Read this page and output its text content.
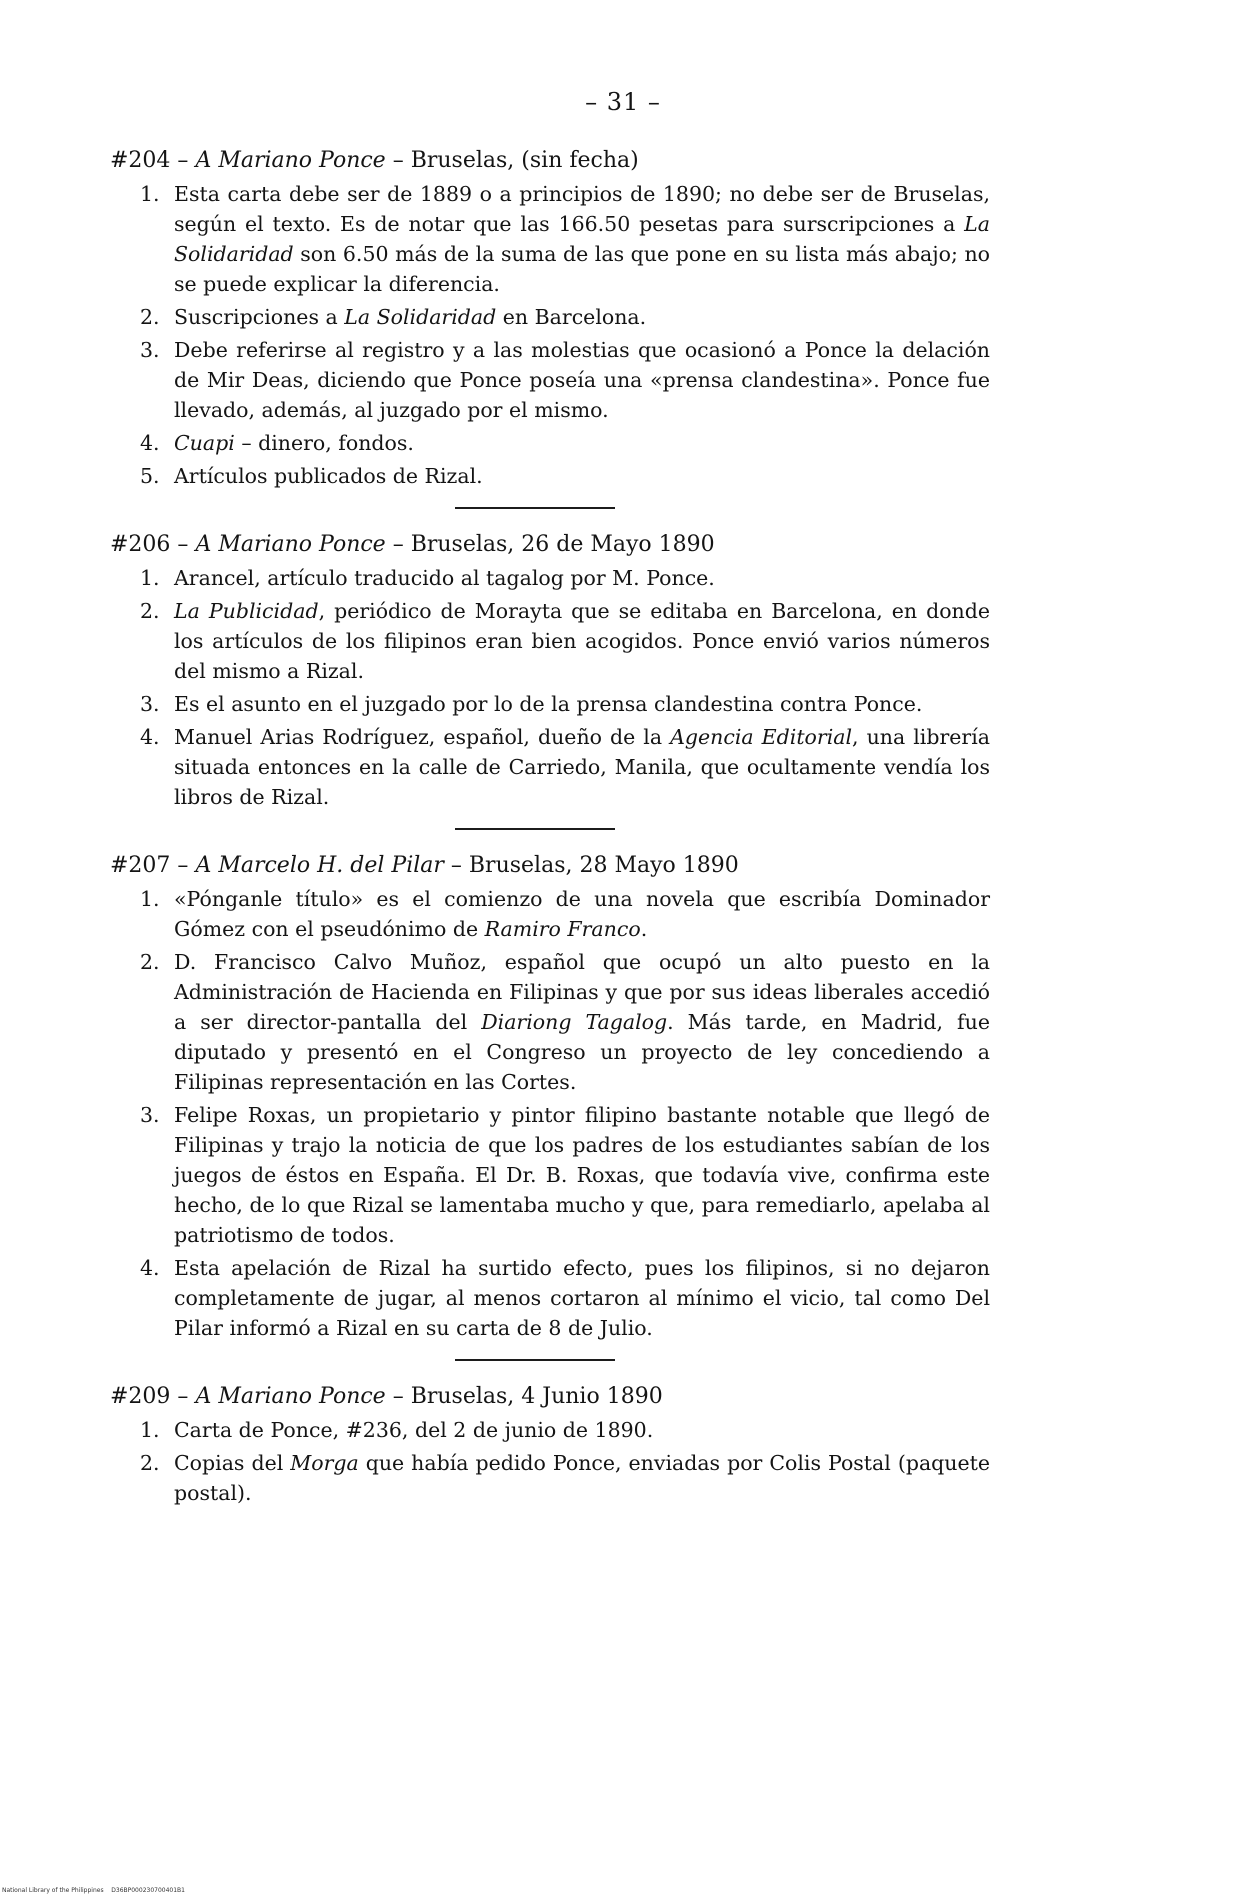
– 31 –
#204 – A Mariano Ponce – Bruselas, (sin fecha)
1. Esta carta debe ser de 1889 o a principios de 1890; no debe ser de Bruselas, según el texto. Es de notar que las 166.50 pesetas para surscripciones a La Solidaridad son 6.50 más de la suma de las que pone en su lista más abajo; no se puede explicar la diferencia.
2. Suscripciones a La Solidaridad en Barcelona.
3. Debe referirse al registro y a las molestias que ocasionó a Ponce la delación de Mir Deas, diciendo que Ponce poseía una «prensa clandestina». Ponce fue llevado, además, al juzgado por el mismo.
4. Cuapi – dinero, fondos.
5. Artículos publicados de Rizal.
#206 – A Mariano Ponce – Bruselas, 26 de Mayo 1890
1. Arancel, artículo traducido al tagalog por M. Ponce.
2. La Publicidad, periódico de Morayta que se editaba en Barcelona, en donde los artículos de los filipinos eran bien acogidos. Ponce envió varios números del mismo a Rizal.
3. Es el asunto en el juzgado por lo de la prensa clandestina contra Ponce.
4. Manuel Arias Rodríguez, español, dueño de la Agencia Editorial, una librería situada entonces en la calle de Carriedo, Manila, que ocultamente vendía los libros de Rizal.
#207 – A Marcelo H. del Pilar – Bruselas, 28 Mayo 1890
1. «Pónganle título» es el comienzo de una novela que escribía Dominador Gómez con el pseudónimo de Ramiro Franco.
2. D. Francisco Calvo Muñoz, español que ocupó un alto puesto en la Administración de Hacienda en Filipinas y que por sus ideas liberales accedió a ser director-pantalla del Diariong Tagalog. Más tarde, en Madrid, fue diputado y presentó en el Congreso un proyecto de ley concediendo a Filipinas representación en las Cortes.
3. Felipe Roxas, un propietario y pintor filipino bastante notable que llegó de Filipinas y trajo la noticia de que los padres de los estudiantes sabían de los juegos de éstos en España. El Dr. B. Roxas, que todavía vive, confirma este hecho, de lo que Rizal se lamentaba mucho y que, para remediarlo, apelaba al patriotismo de todos.
4. Esta apelación de Rizal ha surtido efecto, pues los filipinos, si no dejaron completamente de jugar, al menos cortaron al mínimo el vicio, tal como Del Pilar informó a Rizal en su carta de 8 de Julio.
#209 – A Mariano Ponce – Bruselas, 4 Junio 1890
1. Carta de Ponce, #236, del 2 de junio de 1890.
2. Copias del Morga que había pedido Ponce, enviadas por Colis Postal (paquete postal).
National Library of the Philippines D36BP000230700401B1
